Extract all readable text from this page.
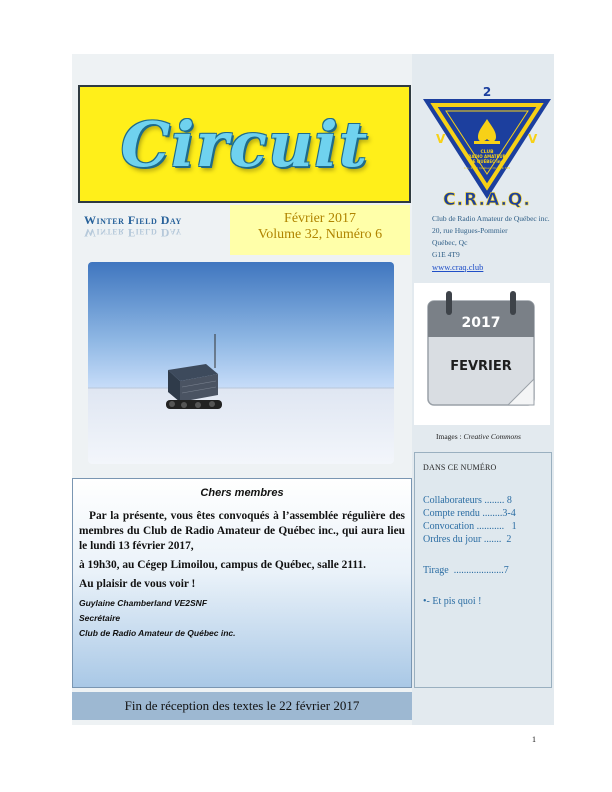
Circuit
2
V	V
CLUB
RADIO AMATEUR
DE QUÉBEC inc.
C.p. 2041 Québec, Qc G1K 7P2
C.R.A.Q.
Winter Field Day
Winter Field Day
Février 2017
Volume 32, Numéro 6
Club de Radio Amateur de Québec inc.
20, rue Hugues-Pommier
Québec, Qc
G1E 4T9
www.craq.club
2017
FEVRIER
Images : Creative Commons
DANS CE NUMÉRO
Collaborateurs ........ 8
Compte rendu ........3-4
Convocation ...........   1
Ordres du jour .......  2
Tirage  ....................7
•- Et pis quoi !
Chers membres

Par la présente, vous êtes convoqués à l’assemblée régulière des membres du Club de Radio Amateur de Québec inc., qui aura lieu le lundi 13 février 2017,

à 19h30, au Cégep Limoilou, campus de Québec, salle 2111.

Au plaisir de vous voir !

Guylaine Chamberland VE2SNF
Secrétaire
Club de Radio Amateur de Québec inc.
Fin de réception des textes le 22 février 2017
1
